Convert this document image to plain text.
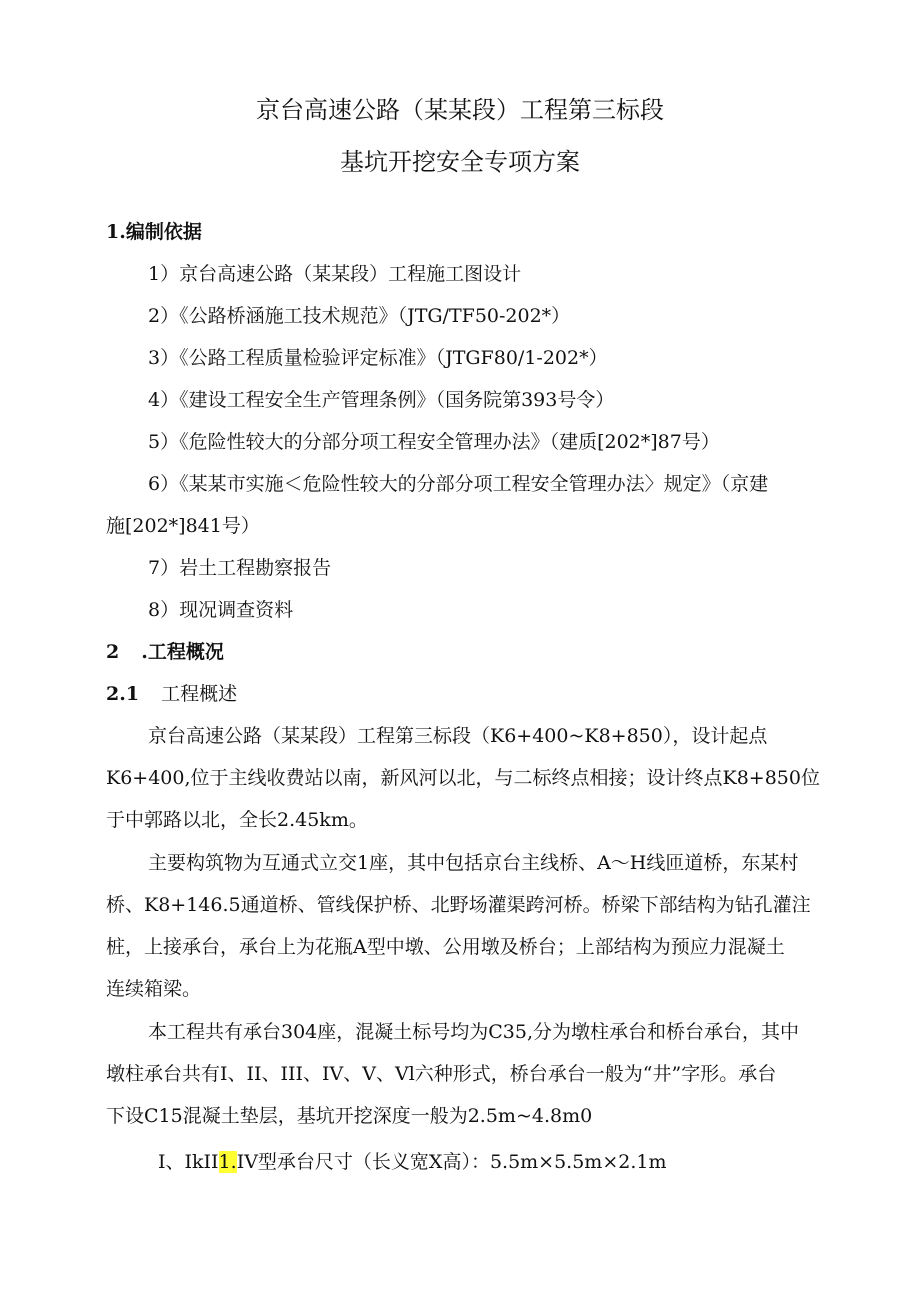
京台高速公路（某某段）工程第三标段
基坑开挖安全专项方案
1.编制依据
1）京台高速公路（某某段）工程施工图设计
2）《公路桥涵施工技术规范》（JTG/TF50-202*）
3）《公路工程质量检验评定标准》（JTGF80/1-202*）
4）《建设工程安全生产管理条例》（国务院第393号令）
5）《危险性较大的分部分项工程安全管理办法》（建质[202*]87号）
6）《某某市实施＜危险性较大的分部分项工程安全管理办法〉规定》（京建
施[202*]841号）
7）岩土工程勘察报告
8）现况调查资料
2 .工程概况
2.1 工程概述
京台高速公路（某某段）工程第三标段（K6+400~K8+850），设计起点
K6+400,位于主线收费站以南，新风河以北，与二标终点相接；设计终点K8+850位
于中郭路以北，全长2.45km。
主要构筑物为互通式立交1座，其中包括京台主线桥、A～H线匝道桥，东某村
桥、K8+146.5通道桥、管线保护桥、北野场灌渠跨河桥。桥梁下部结构为钻孔灌注
桩，上接承台，承台上为花瓶A型中墩、公用墩及桥台；上部结构为预应力混凝土
连续箱梁。
本工程共有承台304座，混凝土标号均为C35,分为墩柱承台和桥台承台，其中
墩柱承台共有I、II、III、IV、V、Vl六种形式，桥台承台一般为“井”字形。承台
下设C15混凝土垫层，基坑开挖深度一般为2.5m~4.8m0
I、IkII1.IV型承台尺寸（长义宽X高）：5.5m×5.5m×2.1m
